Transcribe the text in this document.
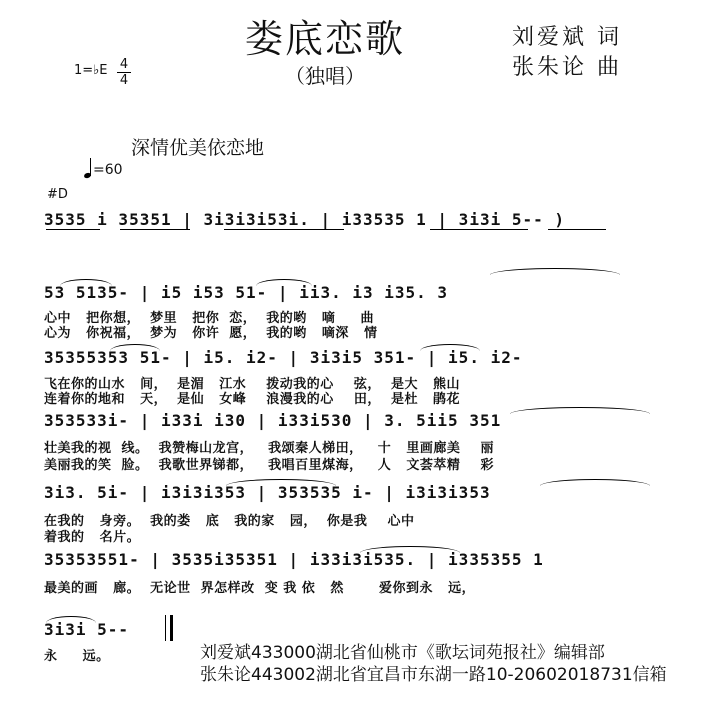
娄底恋歌
（独唱）
刘爱斌 词
张朱论 曲
1=♭E 4
4
深情优美依恋地
=60
#D
3535 i 35351 | 3i3i3i53i. | i33535 1 | 3i3i 5-- )
53 5135- | i5 i53 51- | ii3. i3 i35. 3
心中   把你想，  梦里   把你  恋，  我的哟   嘀     曲
心为   你祝福，  梦为   你许  愿，  我的哟   嘀深   情
35355353 51- | i5. i2- | 3i3i5 351- | i5. i2-
飞在你的山水   间，  是湄   江水    拨动我的心    弦，  是大   熊山
连着你的地和   天，  是仙   女峰    浪漫我的心    田，  是杜   鹃花
353533i- | i33i i30 | i33i530 | 3. 5ii5 351
壮美我的视  线。  我赞梅山龙宫，   我颂秦人梯田，   十   里画廊美    丽
美丽我的笑  脸。  我歌世界锑都，   我唱百里煤海，   人   文荟萃精    彩
3i3. 5i- | i3i3i353 | 353535 i- | i3i3i353
在我的   身旁。  我的娄   底   我的家   园，  你是我    心中
着我的   名片。
35353551- | 3535i35351 | i33i3i535. | i335355 1
最美的画   廊。  无论世  界怎样改  变 我 依   然       爱你到永   远，
3i3i 5--
永     远。	刘爱斌433000湖北省仙桃市《歌坛词苑报社》编辑部
张朱论443002湖北省宜昌市东湖一路10-20602018731信箱
